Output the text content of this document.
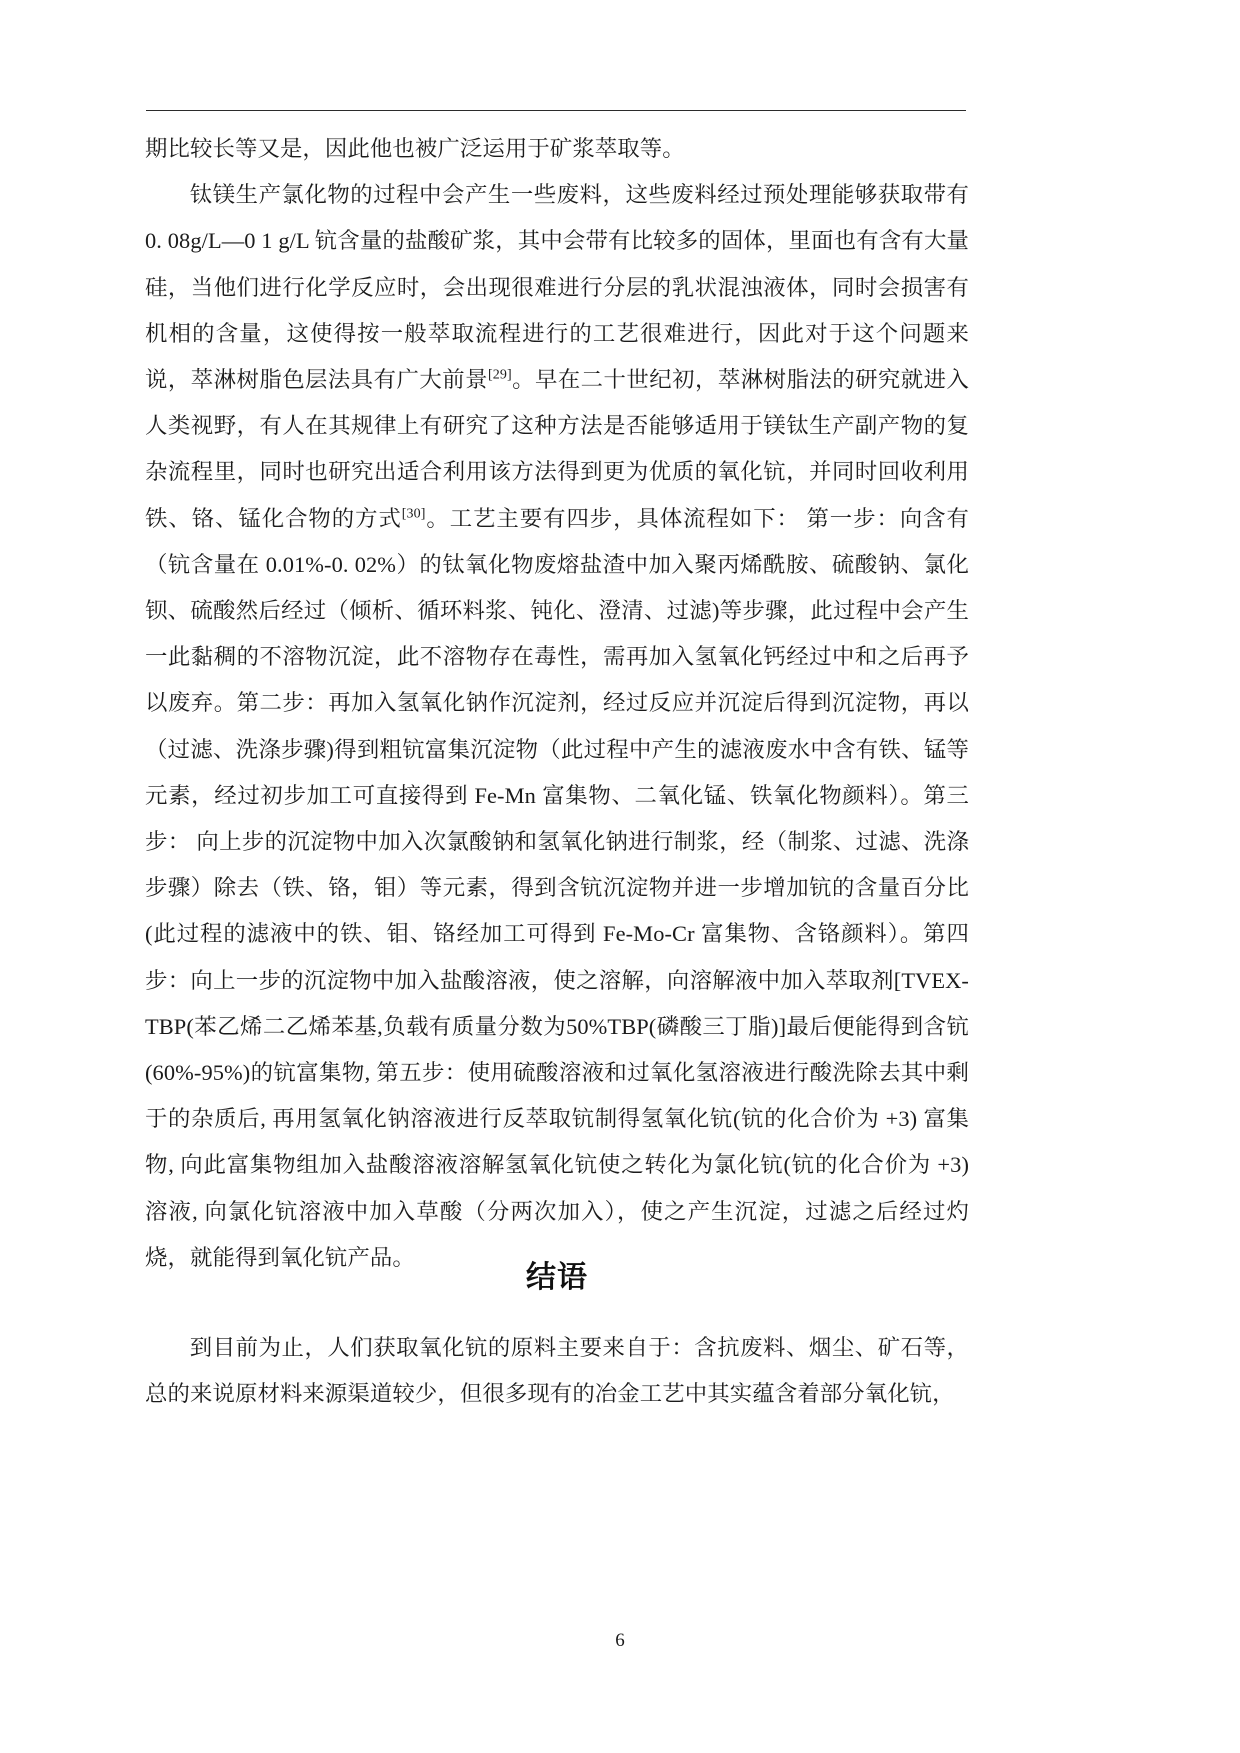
期比较长等又是，因此他也被广泛运用于矿浆萃取等。

钛镁生产氯化物的过程中会产生一些废料，这些废料经过预处理能够获取带有 0. 08g/L—0 1 g/L 钪含量的盐酸矿浆，其中会带有比较多的固体，里面也有含有大量硅，当他们进行化学反应时，会出现很难进行分层的乳状混浊液体，同时会损害有机相的含量，这使得按一般萃取流程进行的工艺很难进行，因此对于这个问题来说，萃淋树脂色层法具有广大前景[29]。早在二十世纪初，萃淋树脂法的研究就进入人类视野，有人在其规律上有研究了这种方法是否能够适用于镁钛生产副产物的复杂流程里，同时也研究出适合利用该方法得到更为优质的氧化钪，并同时回收利用铁、铬、锰化合物的方式[30]。工艺主要有四步，具体流程如下： 第一步：向含有（钪含量在 0.01%-0. 02%）的钛氧化物废熔盐渣中加入聚丙烯酰胺、硫酸钠、氯化钡、硫酸然后经过（倾析、循环料浆、钝化、澄清、过滤)等步骤，此过程中会产生一此黏稠的不溶物沉淀，此不溶物存在毒性，需再加入氢氧化钙经过中和之后再予以废弃。第二步：再加入氢氧化钠作沉淀剂，经过反应并沉淀后得到沉淀物，再以（过滤、洗涤步骤)得到粗钪富集沉淀物（此过程中产生的滤液废水中含有铁、锰等元素，经过初步加工可直接得到 Fe-Mn 富集物、二氧化锰、铁氧化物颜料）。第三步： 向上步的沉淀物中加入次氯酸钠和氢氧化钠进行制浆，经（制浆、过滤、洗涤步骤）除去（铁、铬，钼）等元素，得到含钪沉淀物并进一步增加钪的含量百分比(此过程的滤液中的铁、钼、铬经加工可得到 Fe-Mo-Cr 富集物、含铬颜料）。第四步：向上一步的沉淀物中加入盐酸溶液，使之溶解，向溶解液中加入萃取剂[TVEX-TBP(苯乙烯二乙烯苯基,负载有质量分数为50%TBP(磷酸三丁脂)]最后便能得到含钪(60%-95%)的钪富集物, 第五步：使用硫酸溶液和过氧化氢溶液进行酸洗除去其中剩于的杂质后, 再用氢氧化钠溶液进行反萃取钪制得氢氧化钪(钪的化合价为 +3) 富集物, 向此富集物组加入盐酸溶液溶解氢氧化钪使之转化为氯化钪(钪的化合价为 +3) 溶液, 向氯化钪溶液中加入草酸（分两次加入），使之产生沉淀，过滤之后经过灼烧，就能得到氧化钪产品。

结语

到目前为止，人们获取氧化钪的原料主要来自于：含抗废料、烟尘、矿石等，总的来说原材料来源渠道较少，但很多现有的冶金工艺中其实蕴含着部分氧化钪，

6
